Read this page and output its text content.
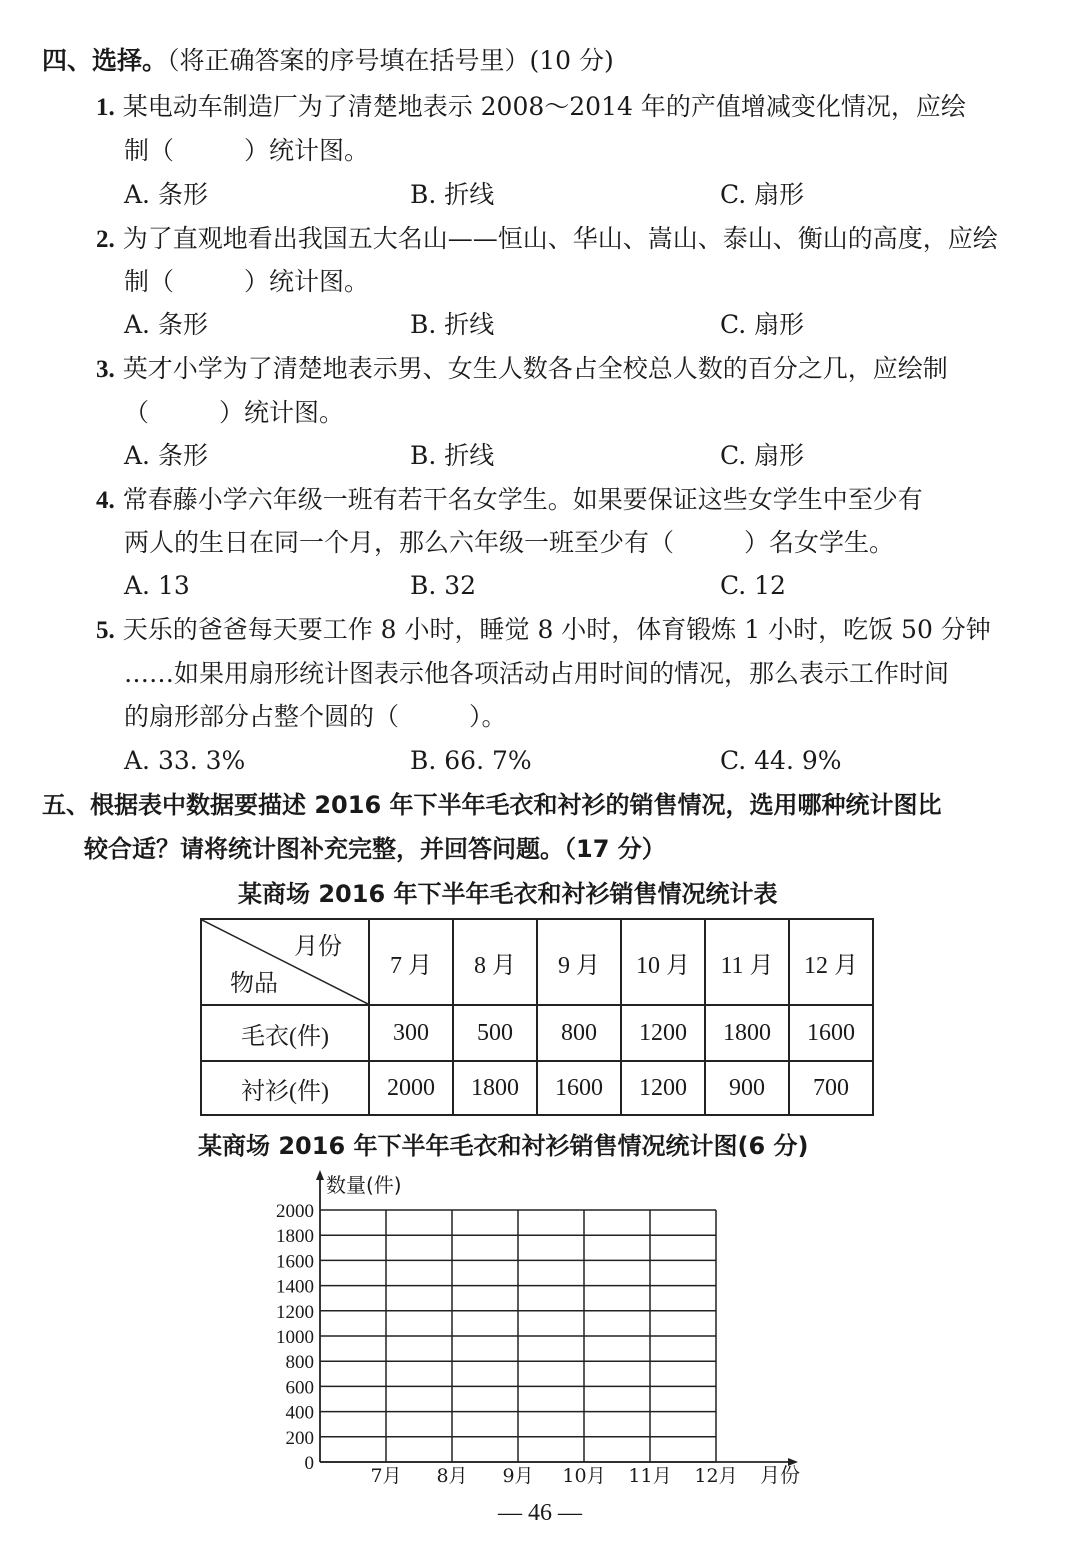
四、选择。（将正确答案的序号填在括号里）(10 分)
1. 某电动车制造厂为了清楚地表示 2008～2014 年的产值增减变化情况，应绘
制（	）统计图。
A. 条形	B. 折线	C. 扇形
2. 为了直观地看出我国五大名山——恒山、华山、嵩山、泰山、衡山的高度，应绘
制（	）统计图。
A. 条形	B. 折线	C. 扇形
3. 英才小学为了清楚地表示男、女生人数各占全校总人数的百分之几，应绘制
（	）统计图。
A. 条形	B. 折线	C. 扇形
4. 常春藤小学六年级一班有若干名女学生。如果要保证这些女学生中至少有
两人的生日在同一个月，那么六年级一班至少有（	）名女学生。
A. 13	B. 32	C. 12
5. 天乐的爸爸每天要工作 8 小时，睡觉 8 小时，体育锻炼 1 小时，吃饭 50 分钟
……如果用扇形统计图表示他各项活动占用时间的情况，那么表示工作时间
的扇形部分占整个圆的（	）。
A. 33. 3%	B. 66. 7%	C. 44. 9%
五、根据表中数据要描述 2016 年下半年毛衣和衬衫的销售情况，选用哪种统计图比
较合适？请将统计图补充完整，并回答问题。（17 分）
某商场 2016 年下半年毛衣和衬衫销售情况统计表
月份
物品	7 月	8 月	9 月	10 月	11 月	12 月
毛衣(件)	300	500	800	1200	1800	1600
衬衫(件)	2000	1800	1600	1200	900	700
某商场 2016 年下半年毛衣和衬衫销售情况统计图(6 分)
0
200
400
600
800
1000
1200
1400
1600
1800
2000
7月 8月 9月 10月 11月 12月
数量(件)
月份
— 46 —
